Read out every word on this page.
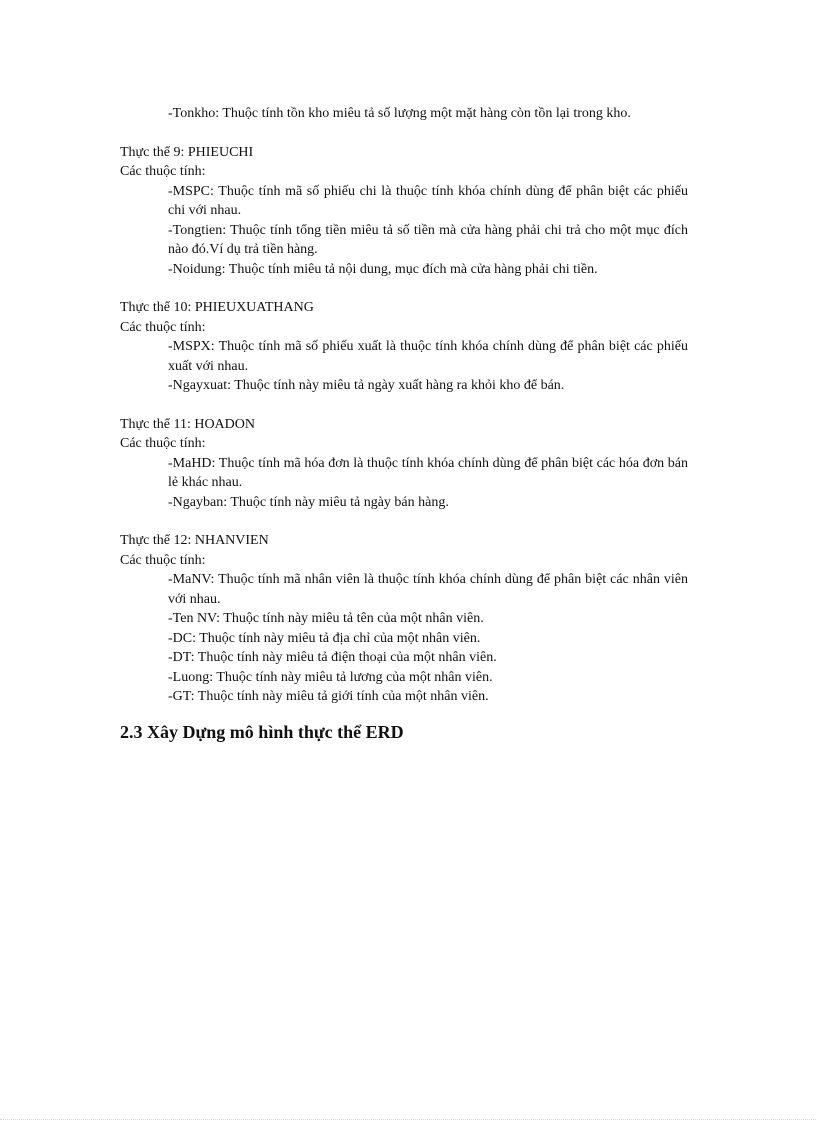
-Tonkho: Thuộc tính tồn kho miêu tả số lượng một mặt hàng còn tồn lại trong kho.

Thực thể 9: PHIEUCHI

Các thuộc tính:

-MSPC: Thuộc tính mã số phiếu chi là thuộc tính khóa chính dùng để phân biệt các phiếu chi với nhau.

-Tongtien: Thuộc tính tổng tiền miêu tả số tiền mà cửa hàng phải chi trả cho một mục đích nào đó.Ví dụ trả tiền hàng.

-Noidung: Thuộc tính miêu tả nội dung, mục đích mà cửa hàng phải chi tiền.

Thực thể 10: PHIEUXUATHANG

Các thuộc tính:

-MSPX: Thuộc tính mã số phiếu xuất là thuộc tính khóa chính dùng để phân biệt các phiếu xuất với nhau.

-Ngayxuat: Thuộc tính này miêu tả ngày xuất hàng ra khỏi kho để bán.

Thực thể 11: HOADON

Các thuộc tính:

-MaHD: Thuộc tính mã hóa đơn là thuộc tính khóa chính dùng để phân biệt các hóa đơn bán lẻ khác nhau.

-Ngayban: Thuộc tính này miêu tả ngày bán hàng.

Thực thể 12: NHANVIEN

Các thuộc tính:

-MaNV: Thuộc tính mã nhân viên là thuộc tính khóa chính dùng để phân biệt các nhân viên với nhau.

-Ten NV: Thuộc tính này miêu tả tên của một nhân viên.

-DC: Thuộc tính này miêu tả địa chỉ của một nhân viên.

-DT: Thuộc tính này miêu tả điện thoại của một nhân viên.

-Luong: Thuộc tính này miêu tả lương của một nhân viên.

-GT: Thuộc tính này miêu tả giới tính của một nhân viên.

2.3 Xây Dựng mô hình thực thể ERD
